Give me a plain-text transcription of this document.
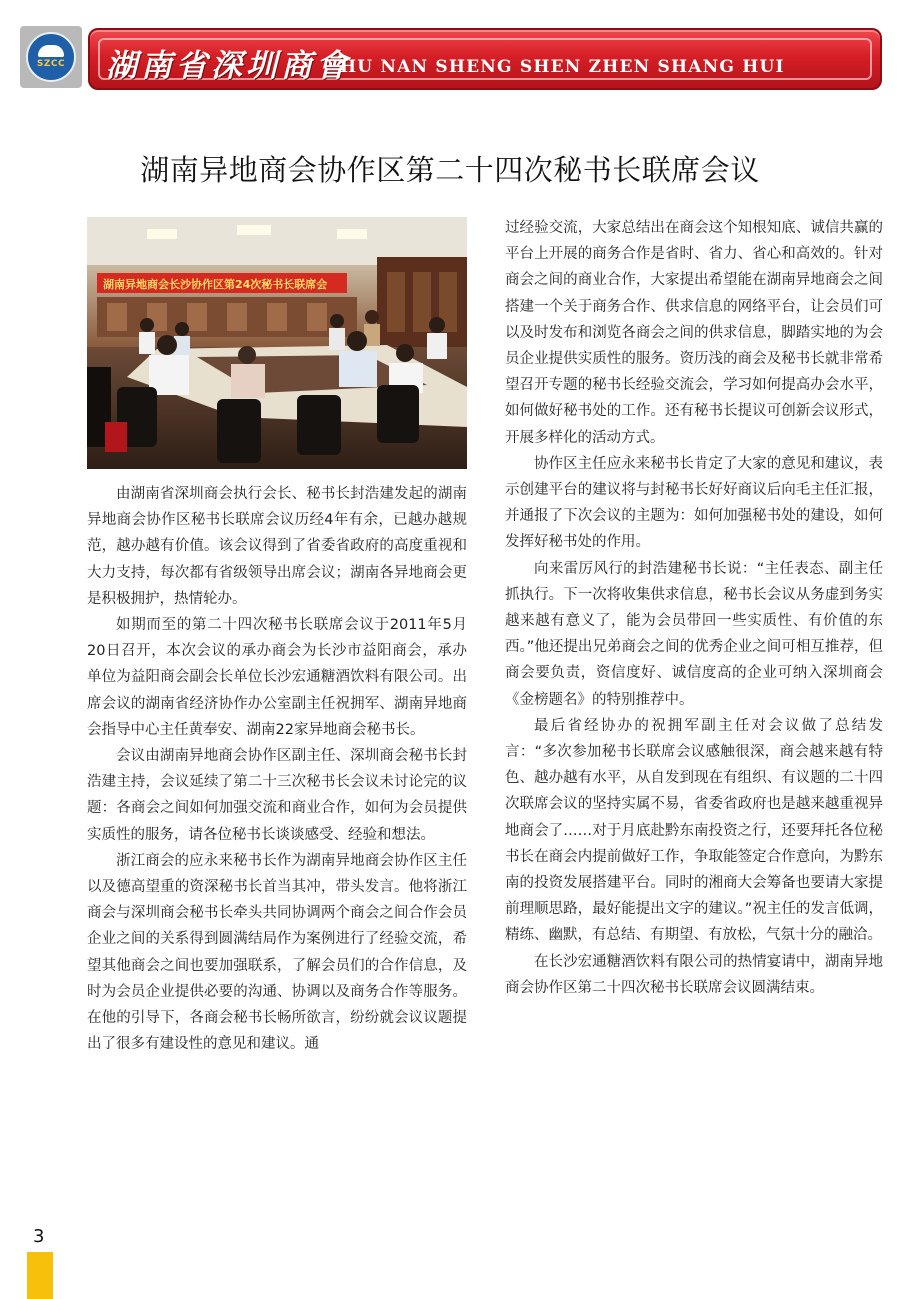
SZCC 湖南省深圳商會
HU NAN SHENG SHEN ZHEN SHANG HUI
湖南异地商会协作区第二十四次秘书长联席会议
湖南异地商会长沙协作区第24次秘书长联席会

由湖南省深圳商会执行会长、秘书长封浩建发起的湖南异地商会协作区秘书长联席会议历经4年有余，已越办越规范，越办越有价值。该会议得到了省委省政府的高度重视和大力支持，每次都有省级领导出席会议；湖南各异地商会更是积极拥护，热情轮办。

如期而至的第二十四次秘书长联席会议于2011年5月20日召开，本次会议的承办商会为长沙市益阳商会，承办单位为益阳商会副会长单位长沙宏通糖酒饮料有限公司。出席会议的湖南省经济协作办公室副主任祝拥军、湖南异地商会指导中心主任黄奉安、湖南22家异地商会秘书长。

会议由湖南异地商会协作区副主任、深圳商会秘书长封浩建主持，会议延续了第二十三次秘书长会议未讨论完的议题：各商会之间如何加强交流和商业合作，如何为会员提供实质性的服务，请各位秘书长谈谈感受、经验和想法。

浙江商会的应永来秘书长作为湖南异地商会协作区主任以及德高望重的资深秘书长首当其冲，带头发言。他将浙江商会与深圳商会秘书长牵头共同协调两个商会之间合作会员企业之间的关系得到圆满结局作为案例进行了经验交流，希望其他商会之间也要加强联系，了解会员们的合作信息，及时为会员企业提供必要的沟通、协调以及商务合作等服务。在他的引导下，各商会秘书长畅所欲言，纷纷就会议议题提出了很多有建设性的意见和建议。通

过经验交流，大家总结出在商会这个知根知底、诚信共赢的平台上开展的商务合作是省时、省力、省心和高效的。针对商会之间的商业合作，大家提出希望能在湖南异地商会之间搭建一个关于商务合作、供求信息的网络平台，让会员们可以及时发布和浏览各商会之间的供求信息，脚踏实地的为会员企业提供实质性的服务。资历浅的商会及秘书长就非常希望召开专题的秘书长经验交流会，学习如何提高办会水平，如何做好秘书处的工作。还有秘书长提议可创新会议形式，开展多样化的活动方式。

协作区主任应永来秘书长肯定了大家的意见和建议，表示创建平台的建议将与封秘书长好好商议后向毛主任汇报，并通报了下次会议的主题为：如何加强秘书处的建设，如何发挥好秘书处的作用。

向来雷厉风行的封浩建秘书长说：“主任表态、副主任抓执行。下一次将收集供求信息，秘书长会议从务虚到务实越来越有意义了，能为会员带回一些实质性、有价值的东西。”他还提出兄弟商会之间的优秀企业之间可相互推荐，但商会要负责，资信度好、诚信度高的企业可纳入深圳商会《金榜题名》的特别推荐中。

最后省经协办的祝拥军副主任对会议做了总结发言：“多次参加秘书长联席会议感触很深，商会越来越有特色、越办越有水平，从自发到现在有组织、有议题的二十四次联席会议的坚持实属不易，省委省政府也是越来越重视异地商会了……对于月底赴黔东南投资之行，还要拜托各位秘书长在商会内提前做好工作，争取能签定合作意向，为黔东南的投资发展搭建平台。同时的湘商大会筹备也要请大家提前理顺思路，最好能提出文字的建议。”祝主任的发言低调，精练、幽默，有总结、有期望、有放松，气氛十分的融洽。

在长沙宏通糖酒饮料有限公司的热情宴请中，湖南异地商会协作区第二十四次秘书长联席会议圆满结束。

3
